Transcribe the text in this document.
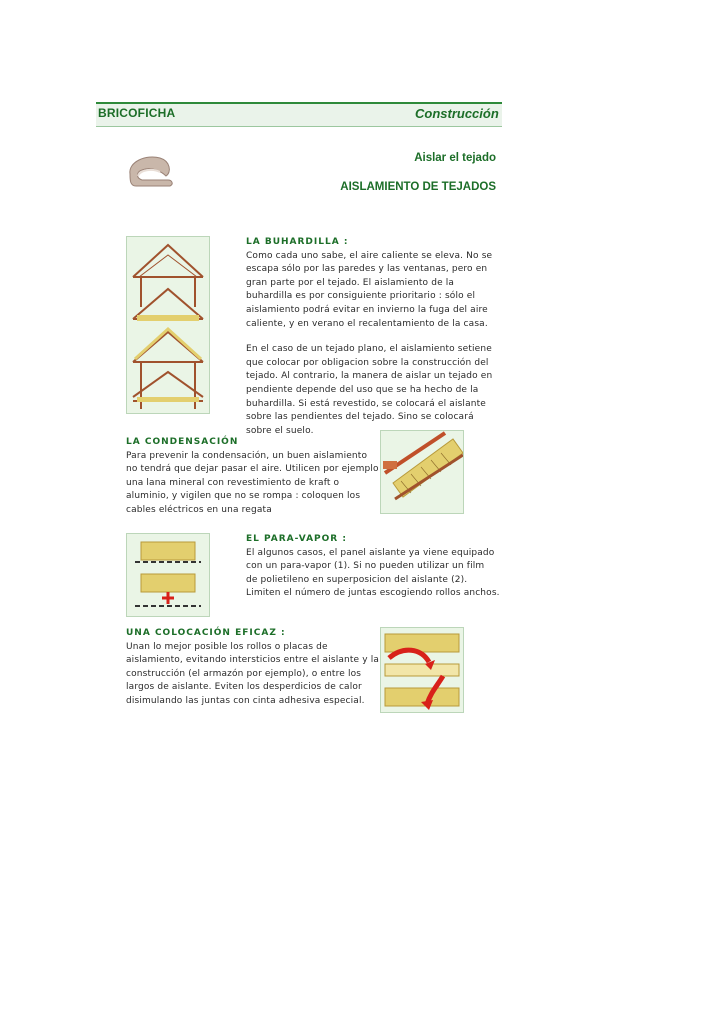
BRICOFICHA	Construcción
Aislar el tejado
AISLAMIENTO DE TEJADOS
LA BUHARDILLA :
Como cada uno sabe, el aire caliente se eleva. No se
escapa sólo por las paredes y las ventanas, pero en
gran parte por el tejado. El aislamiento de la
buhardilla es por consiguiente prioritario : sólo el
aislamiento podrá evitar en invierno la fuga del aire
caliente, y en verano el recalentamiento de la casa.
En el caso de un tejado plano, el aislamiento setiene
que colocar por obligacion sobre la construcción del
tejado. Al contrario, la manera de aislar un tejado en
pendiente depende del uso que se ha hecho de la
buhardilla. Si está revestido, se colocará el aislante
sobre las pendientes del tejado. Sino se colocará
sobre el suelo.
LA CONDENSACIÓN
Para prevenir la condensación, un buen aislamiento
no tendrá que dejar pasar el aire. Utilicen por ejemplo
una lana mineral con revestimiento de kraft o
aluminio, y vigilen que no se rompa : coloquen los
cables eléctricos en una regata
EL PARA-VAPOR :
El algunos casos, el panel aislante ya viene equipado
con un para-vapor (1). Si no pueden utilizar un film
de polietileno en superposicion del aislante (2).
Limiten el número de juntas escogiendo rollos anchos.
UNA COLOCACIÓN EFICAZ :
Unan lo mejor posible los rollos o placas de
aislamiento, evitando intersticios entre el aislante y la
construcción (el armazón por ejemplo), o entre los
largos de aislante. Eviten los desperdicios de calor
disimulando las juntas con cinta adhesiva especial.
